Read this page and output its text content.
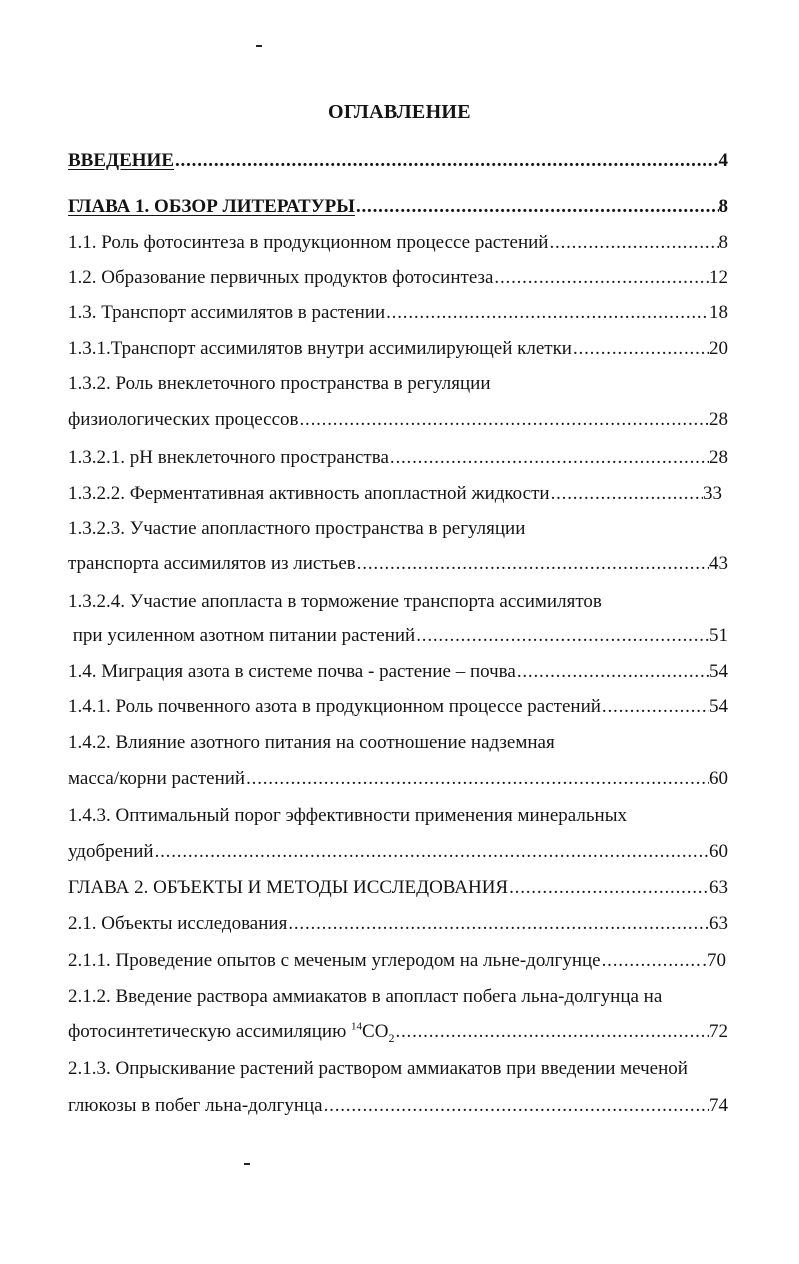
ОГЛАВЛЕНИЕ
ВВЕДЕНИЕ .....	4
ГЛАВА 1. ОБЗОР ЛИТЕРАТУРЫ .....	8
1.1. Роль фотосинтеза в продукционном процессе растений .....	8
1.2. Образование первичных продуктов фотосинтеза .....	12
1.3. Транспорт ассимилятов в растении .....	18
1.3.1.Транспорт ассимилятов внутри ассимилирующей клетки .....	20
1.3.2. Роль внеклеточного пространства в регуляции
физиологических процессов .....	28
1.3.2.1. pH внеклеточного пространства .....	28
1.3.2.2. Ферментативная активность апопластной жидкости .....	33
1.3.2.3. Участие апопластного пространства в регуляции
транспорта ассимилятов из листьев .....	43
1.3.2.4. Участие апопласта в торможение транспорта ассимилятов
при усиленном азотном питании растений .....	51
1.4. Миграция азота в системе почва - растение – почва .....	54
1.4.1. Роль почвенного азота в продукционном процессе растений .....	54
1.4.2. Влияние азотного питания на соотношение надземная
масса/корни растений .....	60
1.4.3. Оптимальный порог эффективности применения минеральных
удобрений .....	60
ГЛАВА 2. ОБЪЕКТЫ И МЕТОДЫ ИССЛЕДОВАНИЯ .....	63
2.1. Объекты исследования .....	63
2.1.1. Проведение опытов с меченым углеродом на льне-долгунце .....	.70
2.1.2. Введение раствора аммиакатов в апопласт побега льна-долгунца на
фотосинтетическую ассимиляцию $^{14}CO_2$ .....	72
2.1.3. Опрыскивание растений раствором аммиакатов при введении меченой
глюкозы в побег льна-долгунца .....	74
